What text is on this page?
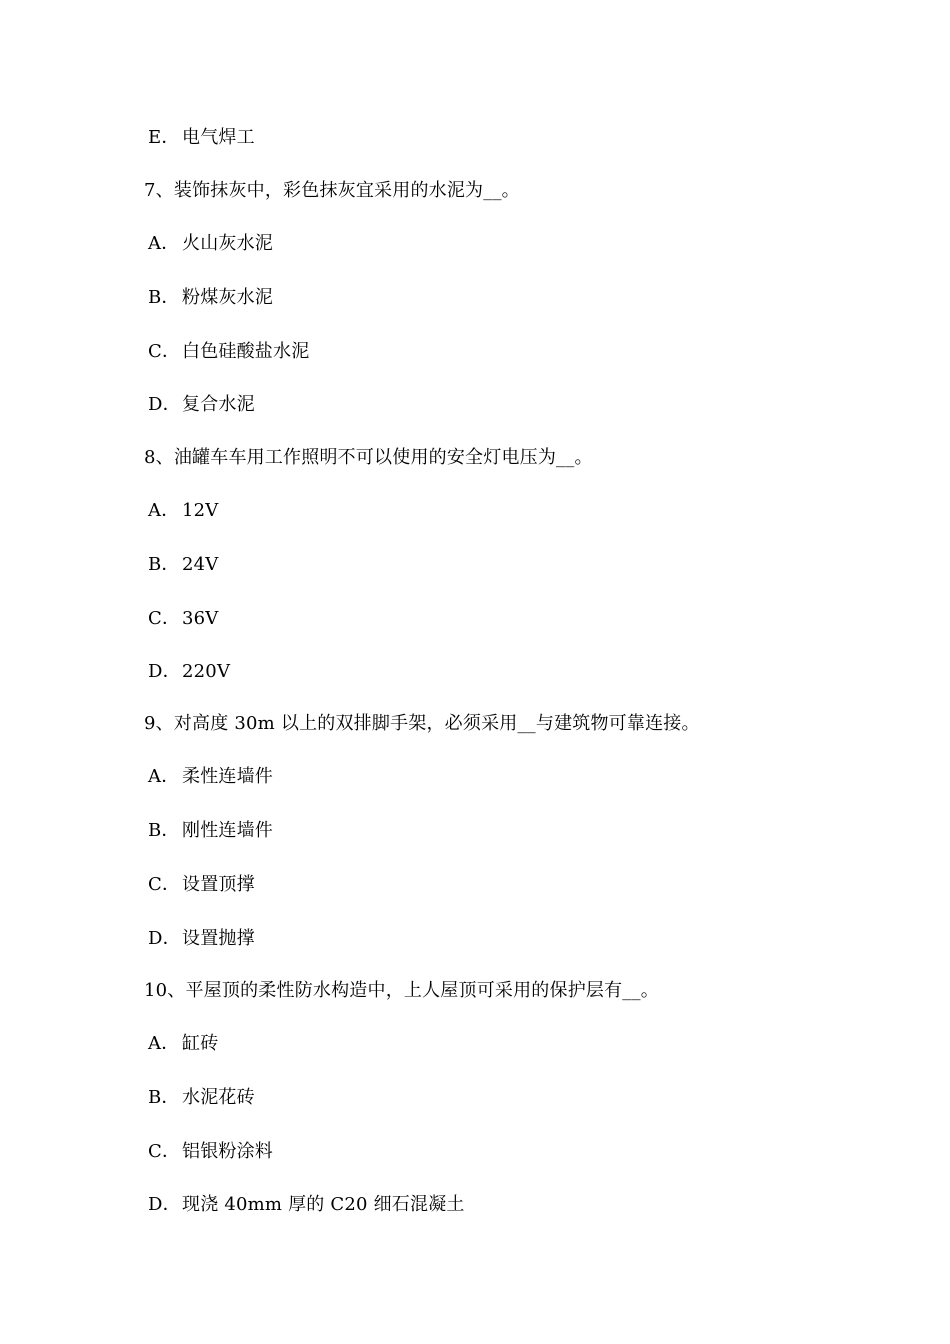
E． 电气焊工
7、装饰抹灰中，彩色抹灰宜采用的水泥为__。
A． 火山灰水泥
B． 粉煤灰水泥
C． 白色硅酸盐水泥
D．复合水泥
8、油罐车车用工作照明不可以使用的安全灯电压为__。
A． 12V
B． 24V
C． 36V
D．220V
9、对高度 30m 以上的双排脚手架，必须采用__与建筑物可靠连接。
A． 柔性连墙件
B． 刚性连墙件
C． 设置顶撑
D．设置抛撑
10、平屋顶的柔性防水构造中，上人屋顶可采用的保护层有__。
A． 缸砖
B． 水泥花砖
C． 铝银粉涂料
D．现浇 40mm 厚的 C20 细石混凝土
